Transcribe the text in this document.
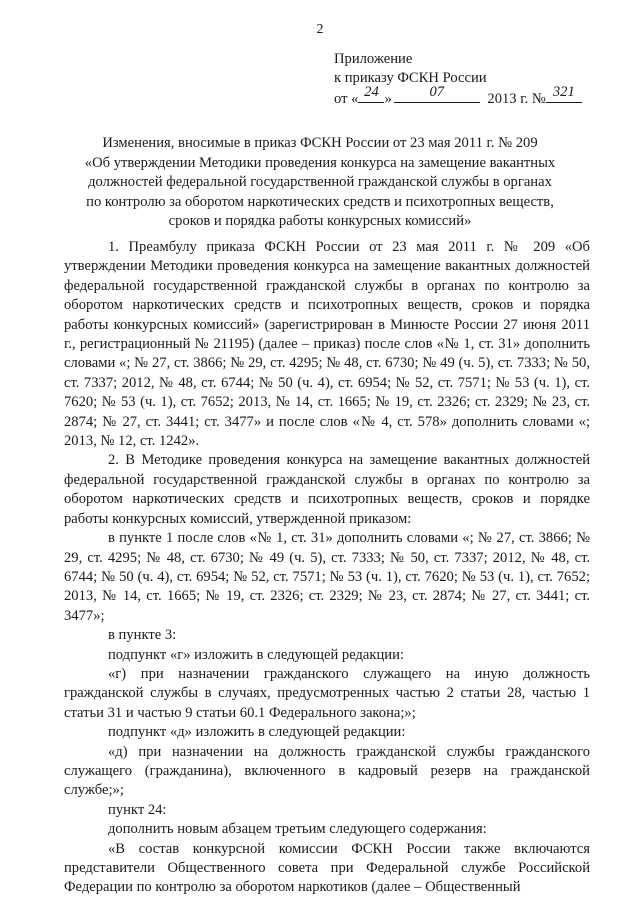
2
Приложение
к приказу ФСКН России
от « 24 »	07	2013 г. № 321
Изменения, вносимые в приказ ФСКН России от 23 мая 2011 г. № 209
«Об утверждении Методики проведения конкурса на замещение вакантных
должностей федеральной государственной гражданской службы в органах
по контролю за оборотом наркотических средств и психотропных веществ,
сроков и порядка работы конкурсных комиссий»

1. Преамбулу приказа ФСКН России от 23 мая 2011 г. № 209 «Об утверждении Методики проведения конкурса на замещение вакантных должностей федеральной государственной гражданской службы в органах по контролю за оборотом наркотических средств и психотропных веществ, сроков и порядка работы конкурсных комиссий» (зарегистрирован в Минюсте России 27 июня 2011 г., регистрационный № 21195) (далее – приказ) после слов «№ 1, ст. 31» дополнить словами «; № 27, ст. 3866; № 29, ст. 4295; № 48, ст. 6730; № 49 (ч. 5), ст. 7333; № 50, ст. 7337; 2012, № 48, ст. 6744; № 50 (ч. 4), ст. 6954; № 52, ст. 7571; № 53 (ч. 1), ст. 7620; № 53 (ч. 1), ст. 7652; 2013, № 14, ст. 1665; № 19, ст. 2326; ст. 2329; № 23, ст. 2874; № 27, ст. 3441; ст. 3477» и после слов «№ 4, ст. 578» дополнить словами «; 2013, № 12, ст. 1242».

2. В Методике проведения конкурса на замещение вакантных должностей федеральной государственной гражданской службы в органах по контролю за оборотом наркотических средств и психотропных веществ, сроков и порядке работы конкурсных комиссий, утвержденной приказом:

в пункте 1 после слов «№ 1, ст. 31» дополнить словами «; № 27, ст. 3866; № 29, ст. 4295; № 48, ст. 6730; № 49 (ч. 5), ст. 7333; № 50, ст. 7337; 2012, № 48, ст. 6744; № 50 (ч. 4), ст. 6954; № 52, ст. 7571; № 53 (ч. 1), ст. 7620; № 53 (ч. 1), ст. 7652; 2013, № 14, ст. 1665; № 19, ст. 2326; ст. 2329; № 23, ст. 2874; № 27, ст. 3441; ст. 3477»;

в пункте 3:

подпункт «г» изложить в следующей редакции:

«г) при назначении гражданского служащего на иную должность гражданской службы в случаях, предусмотренных частью 2 статьи 28, частью 1 статьи 31 и частью 9 статьи 60.1 Федерального закона;»;

подпункт «д» изложить в следующей редакции:

«д) при назначении на должность гражданской службы гражданского служащего (гражданина), включенного в кадровый резерв на гражданской службе;»;

пункт 24:

дополнить новым абзацем третьим следующего содержания:

«В состав конкурсной комиссии ФСКН России также включаются представители Общественного совета при Федеральной службе Российской Федерации по контролю за оборотом наркотиков (далее – Общественный
